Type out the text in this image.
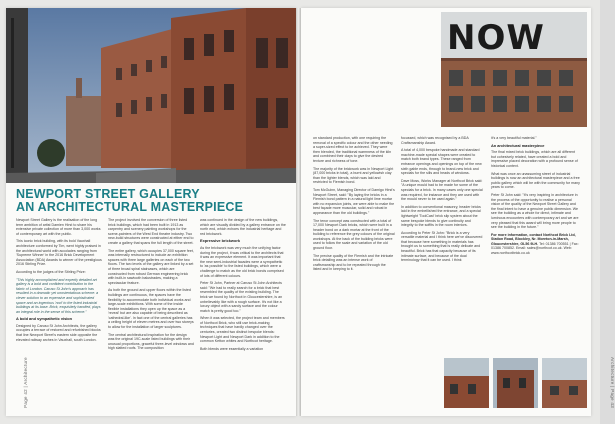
NEWPORT STREET GALLERY
AN ARCHITECTURAL MASTERPIECE

Newport Street Gallery is the realisation of the long term ambition of artist Damien Hirst to share his extensive private collection of more than 3,000 works of contemporary art with the public.

This iconic brick building, with its bold Vauxhall architecture conformed by Tim, went highly praised in the architectural world with accolades ranging from 'Supreme Winner' in the 2016 Brick Development Association (BDA) Awards to winner of the prestigious 2016 Stirling Prize.

According to the judges of the Stirling Prize:

"This highly accomplished and expertly detailed art gallery is a bold and confident contribution to the fabric of London. Caruso St John's approach has resulted in a dramatic yet unostentatious scheme: a clever solution to an expensive and sophisticated space and an ingenious 'nod' to the listed industrial buildings at its base. Brick, exquisitely handled, plays an integral role in the sense of this scheme."

A bold and sympathetic vision

Designed by Caruso St John Architects, the gallery occupies a terrace of restored and refurbished blocks that line Newport Street's eastern side opposite the elevated railway arches in Vauxhall, south London.

The project involved the conversion of three listed brick buildings, which had been built in 1913 as carpentry and scenery painting workshops for the scene-painters of the West End theatre industry. Two new-build structures were constructed at either end to create a gallery that spans the full length of the street.

The entire gallery, which occupies 37,000 square feet, was internally restructured to include an exhibition spaces with three large galleries on each of the two floors. The two levels of the gallery are linked by a set of three broad spiral staircases, which are constructed from robust German engineering brick with built-in sawtooth balustrades, making a spectacular feature.

As both the ground and upper floors within the listed buildings are continuous, the spaces have the flexibility to accommodate both individual works and large-scale exhibitions. With some of the inside flexible installations they open up the space as a 'reveal' but are also capable of being described as 'cathedral-like'. In fact one of the central galleries has a ceiling height of eleven metres and over two storeys to allow for the installation of larger sculptures.

The central architectural inspiration for the design was the original 19C-scale listed buildings with their unusual proportions, graceful three-level windows and high slatted roofs. The composition

was continued in the design of the new buildings, which are visually divided by a gallery entrance on the north end, which echoes the industrial heritage and red brickwork.

Expressive brickwork

As the brickwork was very much the unifying factor during the project, it was critical to the architects that it was an expressive element. It was important that the new semi-industrial facades were a sympathetic to 'as possible' to the listed buildings, which were a challenge to match as the old brick bonds comprised of lots of different colours.

Peter St John, Partner at Caruso St John Architects said: "We had to really search for a brick that best resembled the quality of the existing building. The brick we found by Northcot in Gloucestershire, is an unbelievably like with a rough surface. It's not like a luxury object with a sandy surface and the colour match is pretty good too."

When it was selected, the project team and members of Northcot Brick, who still use brick-making techniques that have hardly changed over the centuries, created two distinct bespoke blends: Newport Light and Newport Dark in addition to the common Ketton whites and Northcot heritage.

Both blends were essentially a variation

Page 42 | Architecture
NOW

on standard production, with one requiring the removal of a specific colour and the other needing a super-sized effect to be achieved. They were then blended, the traditional warmness of the kiln and combined their clays to give the desired texture and richness of tone.

The majority of the brickwork was in Newport Light (87,000 bricks in total), a burnt and yellowish clay than the lighter blends, which was laid and restricted to Flemish bond.

Tom McGuinn, Managing Director of Damigo Hirst's Newport Street, said: "By laying the bricks in a Flemish bond pattern in a natural light lime mortar with no expansion joints, we were able to make the best façade more muscular, solid and robust in appearance than the old buildings."

The tenor concept was constructed with a total of 17,000 Newport Dark bricks, which were built in a header bond on a dark mortar at the front of the building to reference the grey colours of the original workshops. At the back of the building bricks were used to follow the scale and variation of the old ground floor.

The precise quality of the Flemish and the intricate brick detailing was an intense work of craftsmanship and to be repeated through the listed and in keeping to it.

focussed, which was recognised by a BDA Craftsmanship Award.

A total of 4,000 bespoke handmade and standard machine-made special shapes were created to match both brand types. These ranged from entrance openings and openings on top of the new sixth gable ends, through to brand-new brick and specials for the sills and heads of windows.

Dave Moss, Works Manager at Northcot Brick said: "A unique mould had to be made for some of the specials for a brick. In many cases only one special was required, for instance and they are used with the mould never to be used again."

In addition to conventional masonry, header bricks laid in the embellished the entrance, and a special lightweight 'ToolCast' brick slip system about the same bespoke blends to give continuity and integrity to the soffits in the room interiors.

According to Peter St John: "Brick is a very versatile material and I think here we've discovered that because here something in materials has brought us to something that is really delicate and beautiful. Brick has that capacity because of its intimate surface, and because of the dual terminology that it can be used. I think

it's a very beautiful material."

An architectural masterpiece

The final mixed brick buildings, which are all different but cohesively related, have created a bold and impressive placed decoration with a profound sense of historical context.

What was once an unassuming street of industrial buildings is now an architectural masterpiece and a free public gallery which will be with the community for many years to come.

Peter St John said: "It's very inspiring in architecture in the process of the opportunity to realise a personal vision of the quality of the Newport Street Gallery and the final intent to have a genuine public dimension. We see the building as a whole for direct, intimate and luminous encounters with contemporary art and we are very pleased that this award will bring more people to see the building in the future."

For more information, contact Northcot Brick Ltd, Station Road, Blockley, Nr. Moreton-in-Marsh, Gloucestershire, GL56 9LH. Tel: 01386 700551 | Fax: 01386 700852. Email: sales@northcot.co.uk. Web: www.northcotbrick.co.uk

Architecture | Page 43
